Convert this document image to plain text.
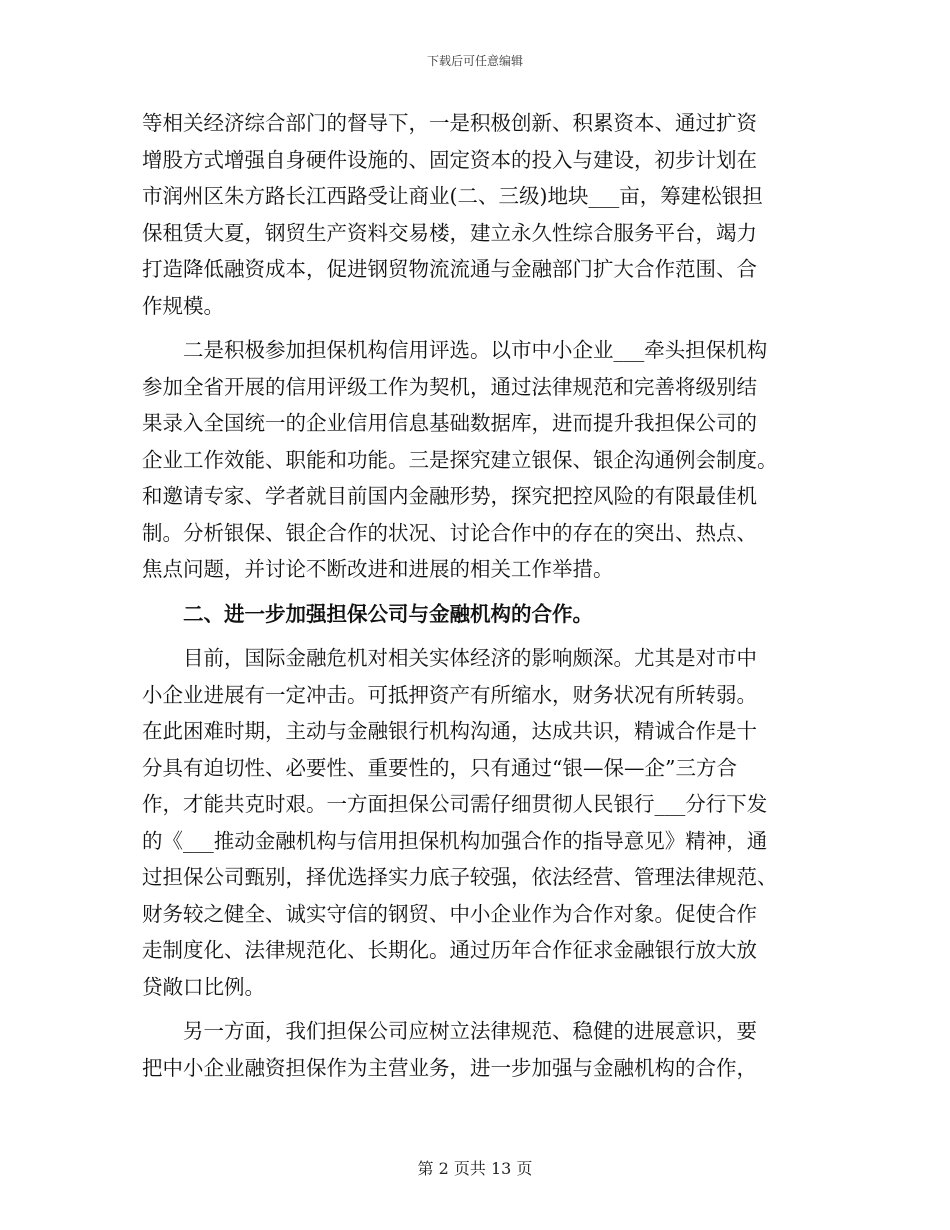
下载后可任意编辑
等相关经济综合部门的督导下，一是积极创新、积累资本、通过扩资
增股方式增强自身硬件设施的、固定资本的投入与建设，初步计划在
市润州区朱方路长江西路受让商业(二、三级)地块___亩，筹建松银担
保租赁大夏，钢贸生产资料交易楼，建立永久性综合服务平台，竭力
打造降低融资成本，促进钢贸物流流通与金融部门扩大合作范围、合
作规模。
　　二是积极参加担保机构信用评选。以市中小企业___牵头担保机构
参加全省开展的信用评级工作为契机，通过法律规范和完善将级别结
果录入全国统一的企业信用信息基础数据库，进而提升我担保公司的
企业工作效能、职能和功能。三是探究建立银保、银企沟通例会制度。
和邀请专家、学者就目前国内金融形势，探究把控风险的有限最佳机
制。分析银保、银企合作的状况、讨论合作中的存在的突出、热点、
焦点问题，并讨论不断改进和进展的相关工作举措。
　　二、进一步加强担保公司与金融机构的合作。
　　目前，国际金融危机对相关实体经济的影响颇深。尤其是对市中
小企业进展有一定冲击。可抵押资产有所缩水，财务状况有所转弱。
在此困难时期，主动与金融银行机构沟通，达成共识，精诚合作是十
分具有迫切性、必要性、重要性的，只有通过“银—保—企”三方合
作，才能共克时艰。一方面担保公司需仔细贯彻人民银行___分行下发
的《___推动金融机构与信用担保机构加强合作的指导意见》精神，通
过担保公司甄别，择优选择实力底子较强，依法经营、管理法律规范、
财务较之健全、诚实守信的钢贸、中小企业作为合作对象。促使合作
走制度化、法律规范化、长期化。通过历年合作征求金融银行放大放
贷敞口比例。
　　另一方面，我们担保公司应树立法律规范、稳健的进展意识，要
把中小企业融资担保作为主营业务，进一步加强与金融机构的合作，
第 2 页共 13 页
